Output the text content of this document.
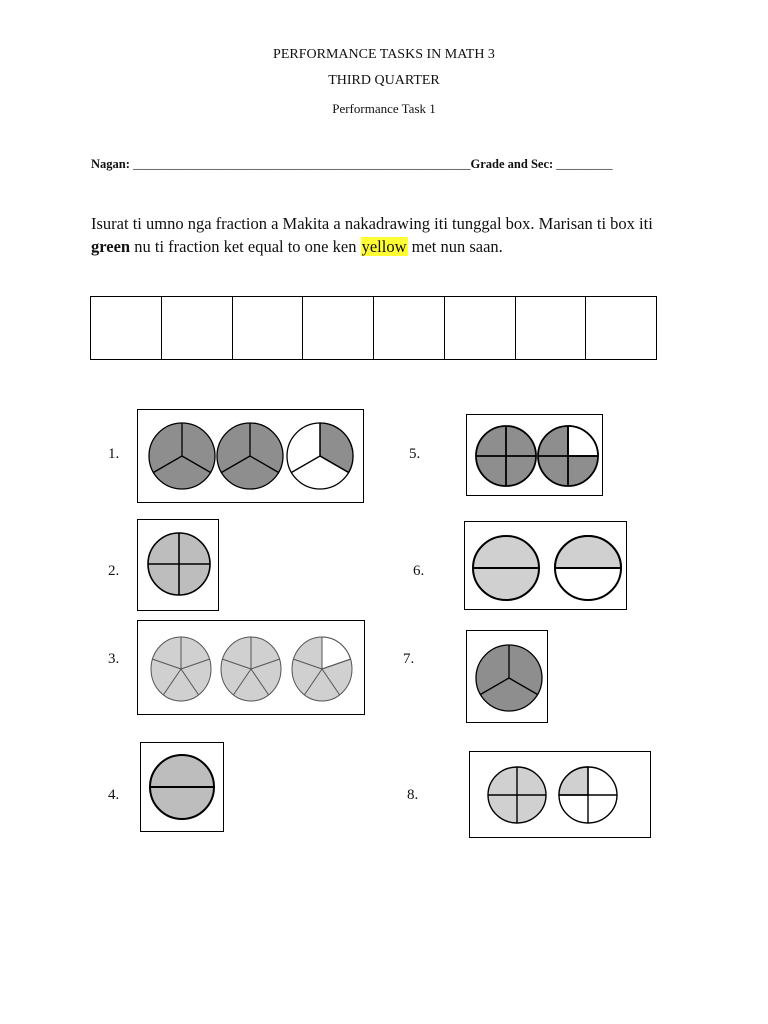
PERFORMANCE TASKS IN MATH 3
THIRD QUARTER
Performance Task 1
Nagan: ______________________________________________________Grade and Sec: _________
Isurat ti umno nga fraction a Makita a nakadrawing iti tunggal box. Marisan ti box iti green nu ti fraction ket equal to one ken yellow met nun saan.
1.
2.
3.
4.
5.
6.
7.
8.
